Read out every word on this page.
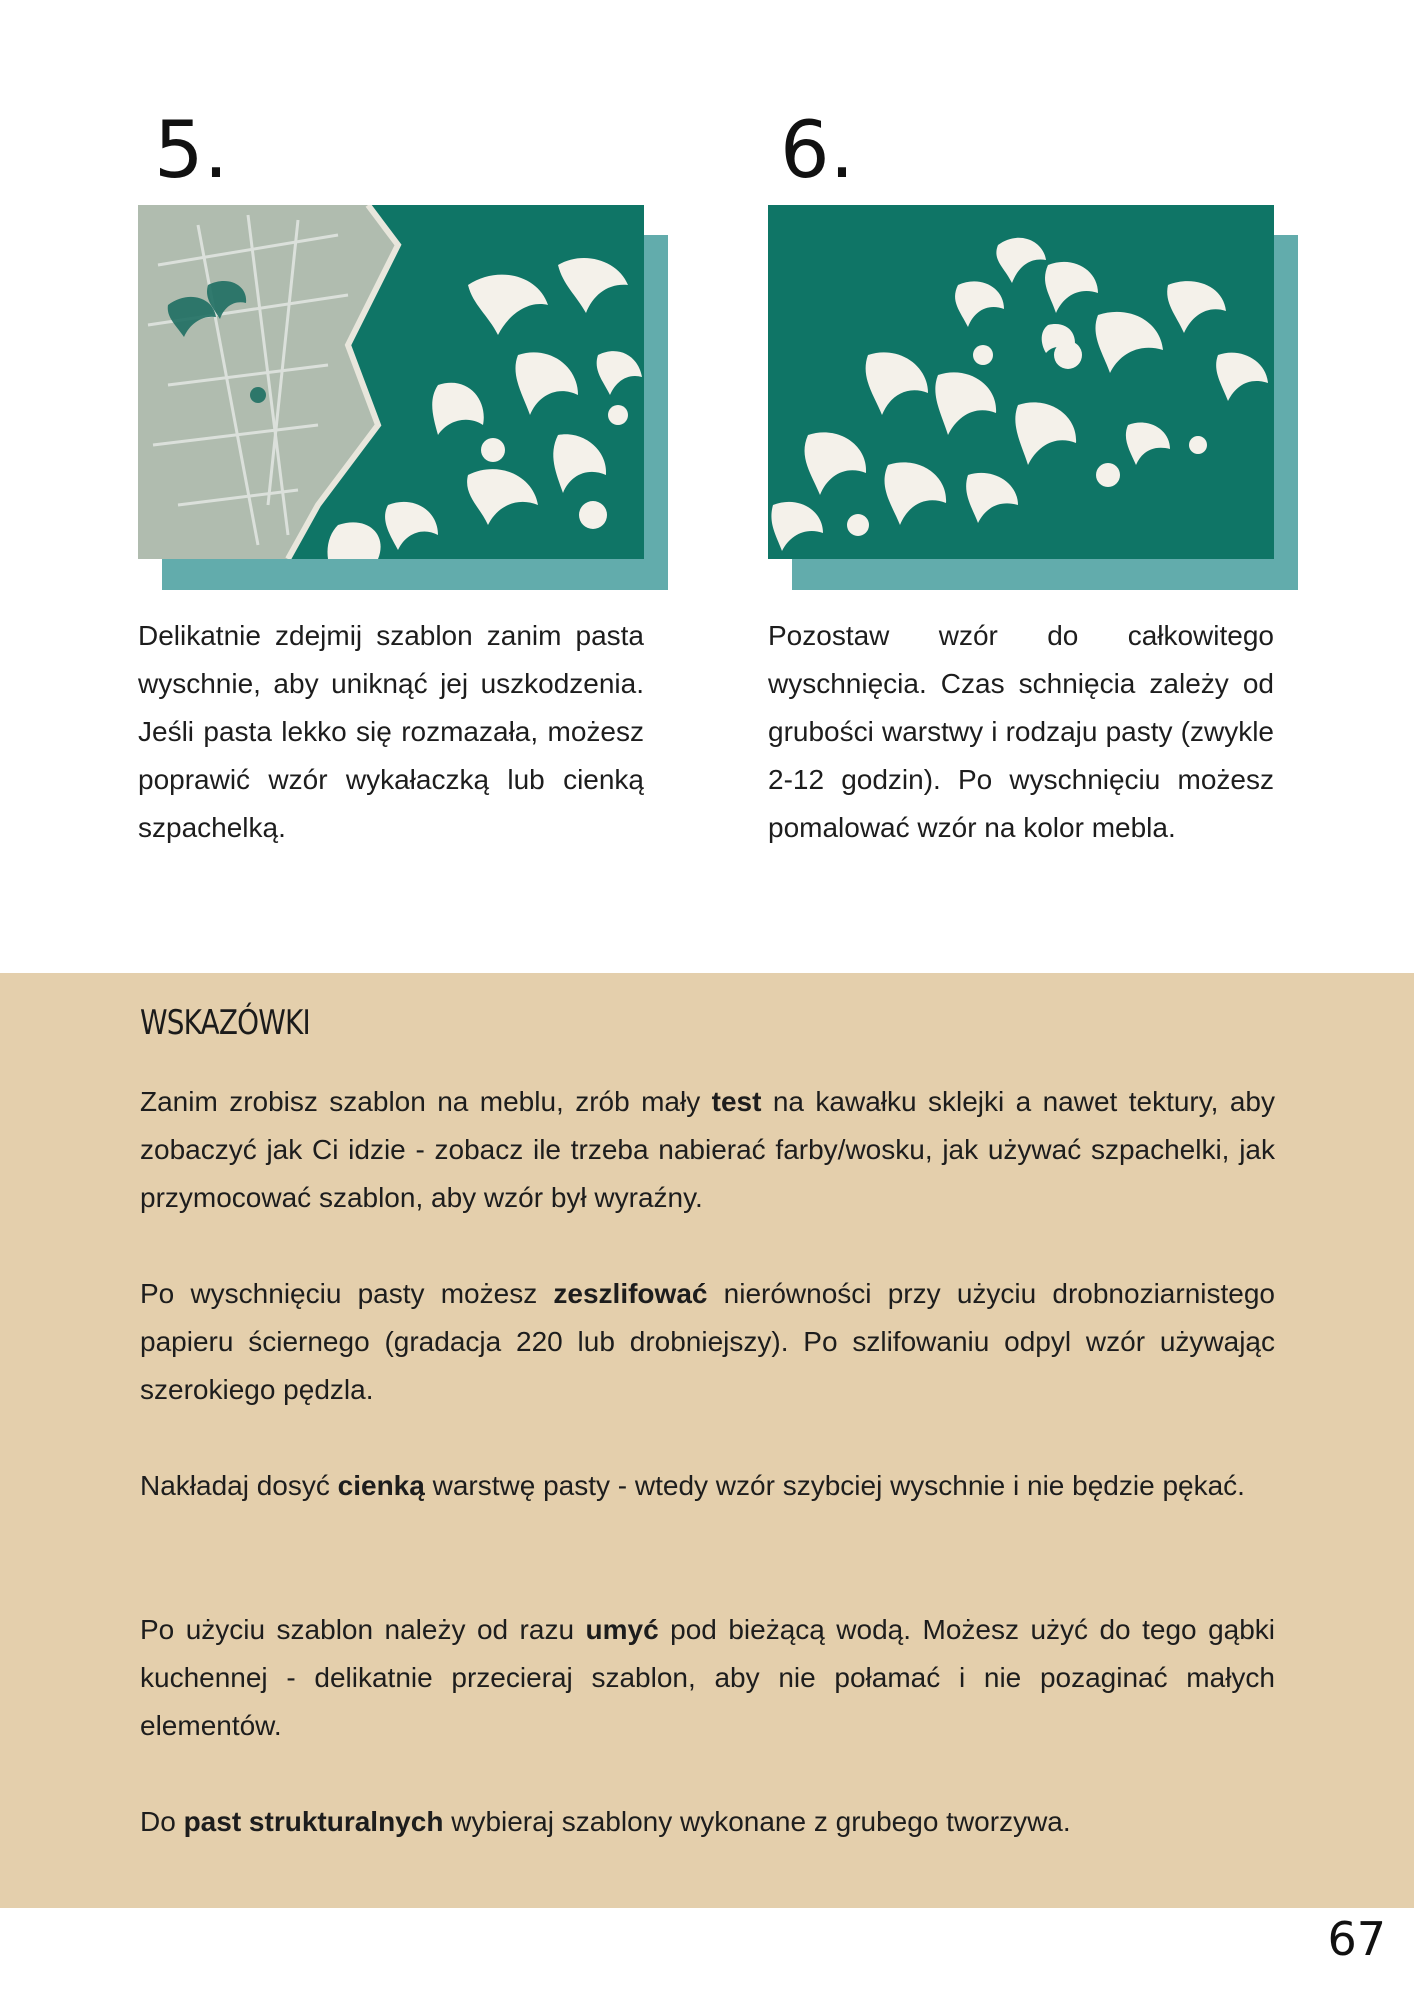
5.

Delikatnie zdejmij szablon zanim pasta wyschnie, aby uniknąć jej uszkodzenia. Jeśli pasta lekko się rozmazała, możesz poprawić wzór wykałaczką lub cienką szpachelką.

6.

Pozostaw wzór do całkowitego wyschnięcia. Czas schnięcia zależy od grubości warstwy i rodzaju pasty (zwykle 2-12 godzin). Po wyschnięciu możesz pomalować wzór na kolor mebla.

WSKAZÓWKI

Zanim zrobisz szablon na meblu, zrób mały test na kawałku sklejki a nawet tektury, aby zobaczyć jak Ci idzie - zobacz ile trzeba nabierać farby/wosku, jak używać szpachelki, jak przymocować szablon, aby wzór był wyraźny.

Po wyschnięciu pasty możesz zeszlifować nierówności przy użyciu drobnoziarnistego papieru ściernego (gradacja 220 lub drobniejszy). Po szlifowaniu odpyl wzór używając szerokiego pędzla.

Nakładaj dosyć cienką warstwę pasty - wtedy wzór szybciej wyschnie i nie będzie pękać.

Po użyciu szablon należy od razu umyć pod bieżącą wodą. Możesz użyć do tego gąbki kuchennej - delikatnie przecieraj szablon, aby nie połamać i nie pozaginać małych elementów.

Do past strukturalnych wybieraj szablony wykonane z grubego tworzywa.

67
